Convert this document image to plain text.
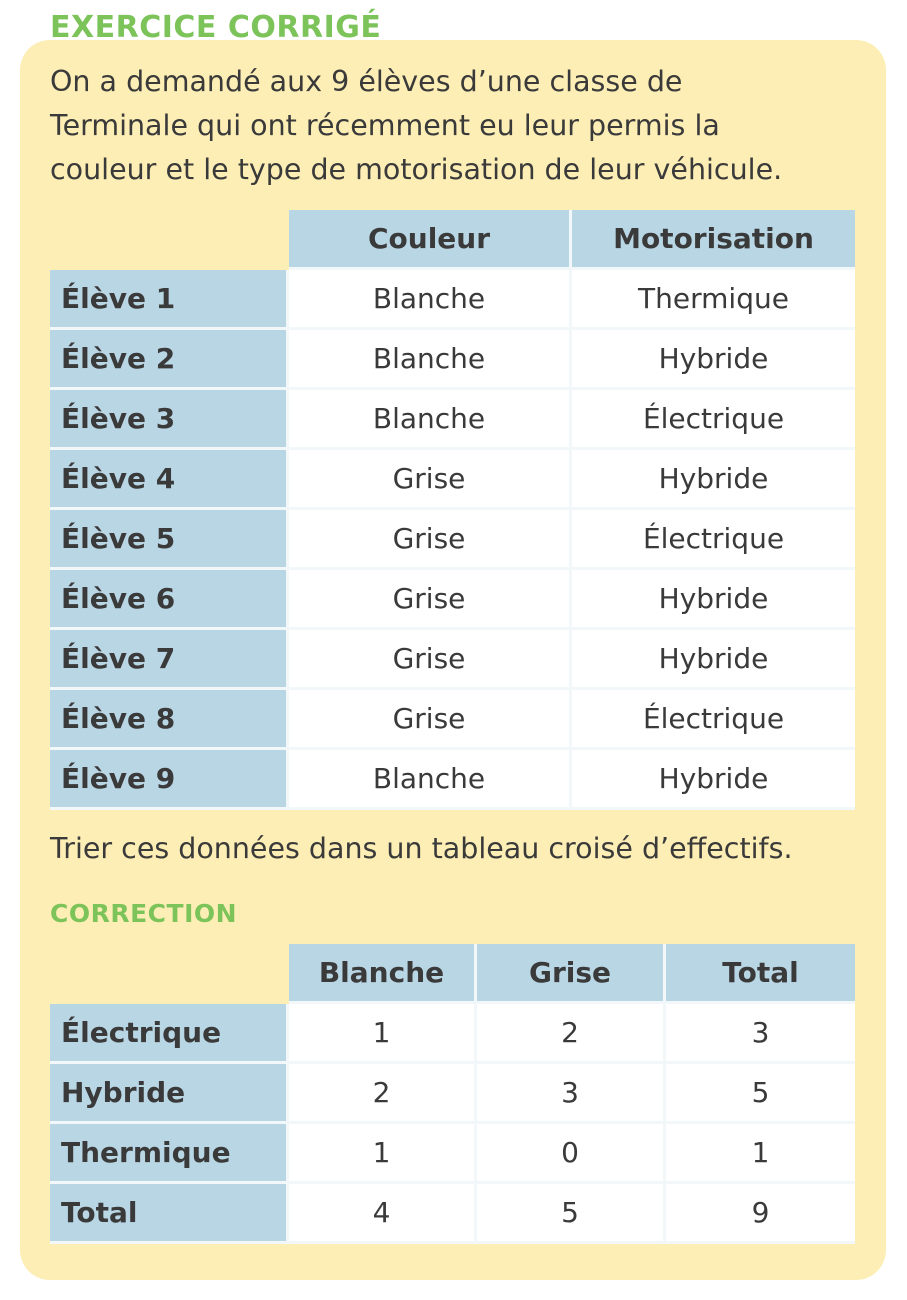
EXERCICE CORRIGÉ
On a demandé aux 9 élèves d’une classe de
Terminale qui ont récemment eu leur permis la
couleur et le type de motorisation de leur véhicule.
	Couleur	Motorisation
Élève 1	Blanche	Thermique
Élève 2	Blanche	Hybride
Élève 3	Blanche	Électrique
Élève 4	Grise	Hybride
Élève 5	Grise	Électrique
Élève 6	Grise	Hybride
Élève 7	Grise	Hybride
Élève 8	Grise	Électrique
Élève 9	Blanche	Hybride
Trier ces données dans un tableau croisé d’effectifs.
CORRECTION
	Blanche	Grise	Total
Électrique	1	2	3
Hybride	2	3	5
Thermique	1	0	1
Total	4	5	9
